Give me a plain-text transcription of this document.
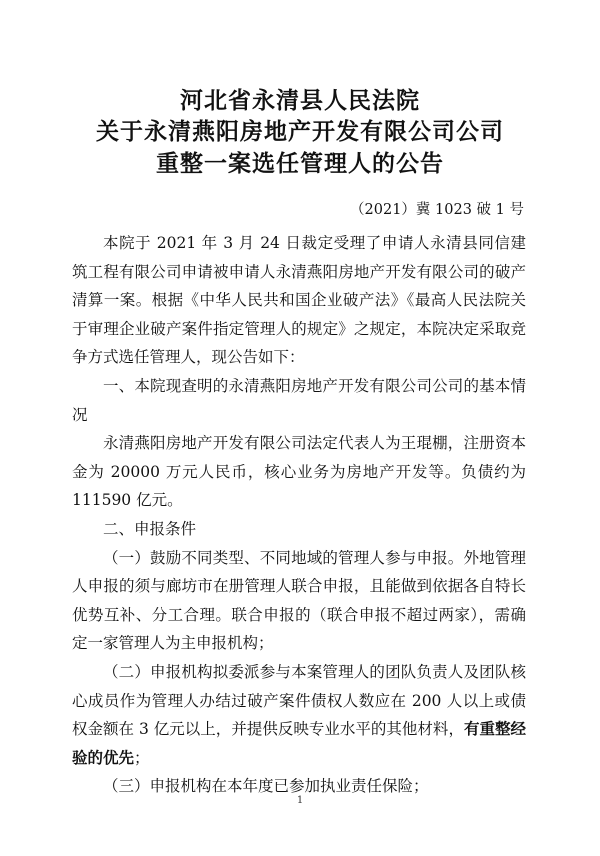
河北省永清县人民法院
关于永清燕阳房地产开发有限公司公司
重整一案选任管理人的公告
（2021）冀 1023 破 1 号

本院于 2021 年 3 月 24 日裁定受理了申请人永清县同信建筑工程有限公司申请被申请人永清燕阳房地产开发有限公司的破产清算一案。根据《中华人民共和国企业破产法》《最高人民法院关于审理企业破产案件指定管理人的规定》之规定，本院决定采取竞争方式选任管理人，现公告如下：

一、本院现查明的永清燕阳房地产开发有限公司公司的基本情况

永清燕阳房地产开发有限公司法定代表人为王琨棚，注册资本金为 20000 万元人民币，核心业务为房地产开发等。负债约为 111590 亿元。

二、申报条件

（一）鼓励不同类型、不同地域的管理人参与申报。外地管理人申报的须与廊坊市在册管理人联合申报，且能做到依据各自特长优势互补、分工合理。联合申报的（联合申报不超过两家），需确定一家管理人为主申报机构；

（二）申报机构拟委派参与本案管理人的团队负责人及团队核心成员作为管理人办结过破产案件债权人数应在 200 人以上或债权金额在 3 亿元以上，并提供反映专业水平的其他材料，有重整经验的优先；

（三）申报机构在本年度已参加执业责任保险；

1
